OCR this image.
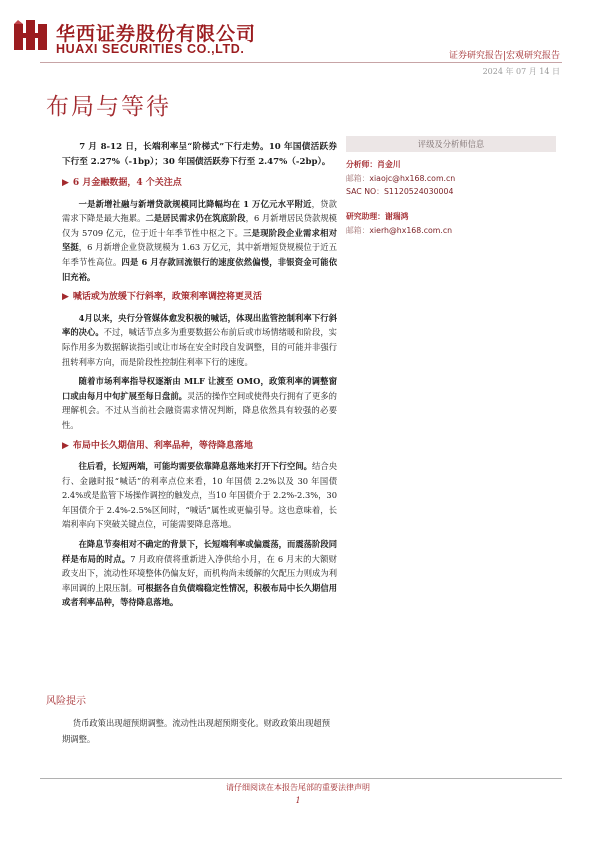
华西证券股份有限公司
HUAXI SECURITIES CO.,LTD.	证券研究报告|宏观研究报告
2024 年 07 月 14 日
布局与等待

7 月 8-12 日，长端利率呈“阶梯式”下行走势。10 年国债活跃券下行至 2.27%（-1bp）；30 年国债活跃券下行至 2.47%（-2bp）。

▶ 6 月金融数据，4 个关注点

一是新增社融与新增贷款规模同比降幅均在 1 万亿元水平附近，贷款需求下降是最大拖累。二是居民需求仍在筑底阶段，6 月新增居民贷款规模仅为 5709 亿元，位于近十年季节性中枢之下。三是现阶段企业需求相对坚挺，6 月新增企业贷款规模为 1.63 万亿元，其中新增短贷规模位于近五年季节性高位。四是 6 月存款回流银行的速度依然偏慢，非银资金可能依旧充裕。

▶ 喊话或为放缓下行斜率，政策利率调控将更灵活

4月以来，央行分管媒体愈发积极的喊话，体现出监管控制利率下行斜率的决心。不过，喊话节点多为重要数据公布前后或市场情绪暖和阶段，实际作用多为数据解读指引或让市场在安全时段自发调整，目的可能并非强行扭转利率方向，而是阶段性控制住利率下行的速度。

随着市场利率指导权逐渐由 MLF 让渡至 OMO，政策利率的调整窗口或由每月中旬扩展至每日盘前。灵活的操作空间或使得央行拥有了更多的理解机会。不过从当前社会融资需求情况判断，降息依然具有较强的必要性。

▶ 布局中长久期信用、利率品种，等待降息落地

往后看，长短两端，可能均需要依靠降息落地来打开下行空间。结合央行、金融时报“喊话”的利率点位来看，10 年国债 2.2%以及 30 年国债 2.4%或是监管下场操作调控的触发点，当10 年国债介于 2.2%-2.3%，30 年国债介于 2.4%-2.5%区间时，“喊话”属性或更偏引导。这也意味着，长端利率向下突破关键点位，可能需要降息落地。

在降息节奏相对不确定的背景下，长短端利率或偏震荡，而震荡阶段同样是布局的时点。7 月政府债将重新进入净供给小月，在 6 月末的大额财政支出下，流动性环境整体仍偏友好，而机构尚未缓解的欠配压力则成为利率回调的上限压制。可根据各自负债端稳定性情况，积极布局中长久期信用或者利率品种，等待降息落地。

评级及分析师信息
分析师：肖金川
邮箱：xiaojc@hx168.com.cn
SAC NO：S1120524030004
研究助理：谢瑞鸿
邮箱：xierh@hx168.com.cn
风险提示
货币政策出现超预期调整。流动性出现超预期变化。财政政策出现超预期调整。
请仔细阅读在本报告尾部的重要法律声明
1
